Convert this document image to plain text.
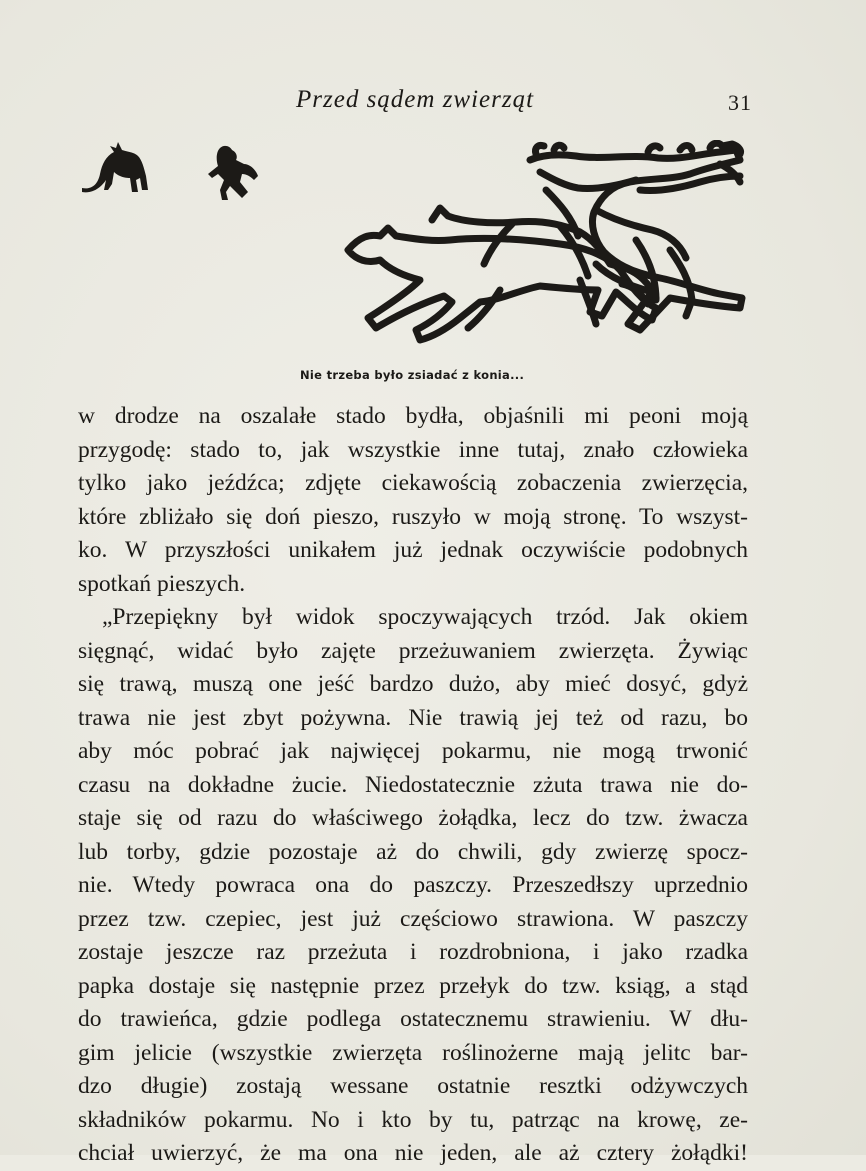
Przed sądem zwierząt	31
Nie trzeba było zsiadać z konia...
w drodze na oszalałe stado bydła, objaśnili mi peoni moją
przygodę: stado to, jak wszystkie inne tutaj, znało człowieka
tylko jako jeźdźca; zdjęte ciekawością zobaczenia zwierzęcia,
które zbliżało się doń pieszo, ruszyło w moją stronę. To wszyst-
ko. W przyszłości unikałem już jednak oczywiście podobnych
spotkań pieszych.
„Przepiękny był widok spoczywających trzód. Jak okiem
sięgnąć, widać było zajęte przeżuwaniem zwierzęta. Żywiąc
się trawą, muszą one jeść bardzo dużo, aby mieć dosyć, gdyż
trawa nie jest zbyt pożywna. Nie trawią jej też od razu, bo
aby móc pobrać jak najwięcej pokarmu, nie mogą trwonić
czasu na dokładne żucie. Niedostatecznie zżuta trawa nie do-
staje się od razu do właściwego żołądka, lecz do tzw. żwacza
lub torby, gdzie pozostaje aż do chwili, gdy zwierzę spocz-
nie. Wtedy powraca ona do paszczy. Przeszedłszy uprzednio
przez tzw. czepiec, jest już częściowo strawiona. W paszczy
zostaje jeszcze raz przeżuta i rozdrobniona, i jako rzadka
papka dostaje się następnie przez przełyk do tzw. ksiąg, a stąd
do trawieńca, gdzie podlega ostatecznemu strawieniu. W dłu-
gim jelicie (wszystkie zwierzęta roślinożerne mają jelitc bar-
dzo długie) zostają wessane ostatnie resztki odżywczych
składników pokarmu. No i kto by tu, patrząc na krowę, ze-
chciał uwierzyć, że ma ona nie jeden, ale aż cztery żołądki!
